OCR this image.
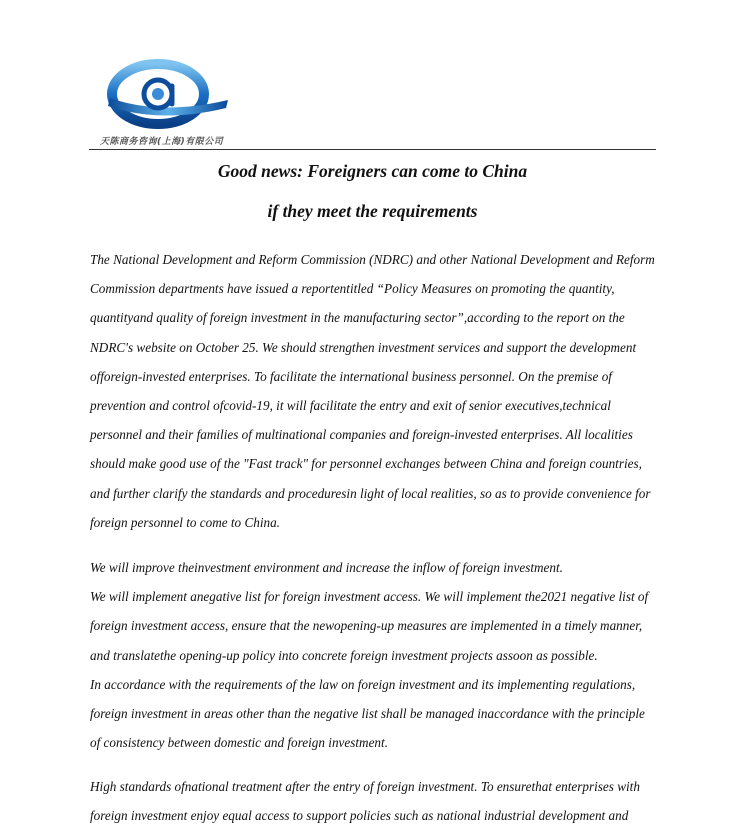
天陈商务咨询(上海)有限公司
Good news: Foreigners can come to China
if they meet the requirements
The National Development and Reform Commission (NDRC) and other National Development and Reform
Commission departments have issued a reportentitled “Policy Measures on promoting the quantity,
quantityand quality of foreign investment in the manufacturing sector”,according to the report on the
NDRC's website on October 25. We should strengthen investment services and support the development
offoreign-invested enterprises. To facilitate the international business personnel. On the premise of
prevention and control ofcovid-19, it will facilitate the entry and exit of senior executives,technical
personnel and their families of multinational companies and foreign-invested enterprises. All localities
should make good use of the "Fast track" for personnel exchanges between China and foreign countries,
and further clarify the standards and proceduresin light of local realities, so as to provide convenience for
foreign personnel to come to China.
We will improve theinvestment environment and increase the inflow of foreign investment.
We will implement anegative list for foreign investment access. We will implement the2021 negative list of
foreign investment access, ensure that the newopening-up measures are implemented in a timely manner,
and translatethe opening-up policy into concrete foreign investment projects assoon as possible.
In accordance with the requirements of the law on foreign investment and its implementing regulations,
foreign investment in areas other than the negative list shall be managed inaccordance with the principle
of consistency between domestic and foreign investment.
High standards ofnational treatment after the entry of foreign investment. To ensurethat enterprises with
foreign investment enjoy equal access to support policies such as national industrial development and
